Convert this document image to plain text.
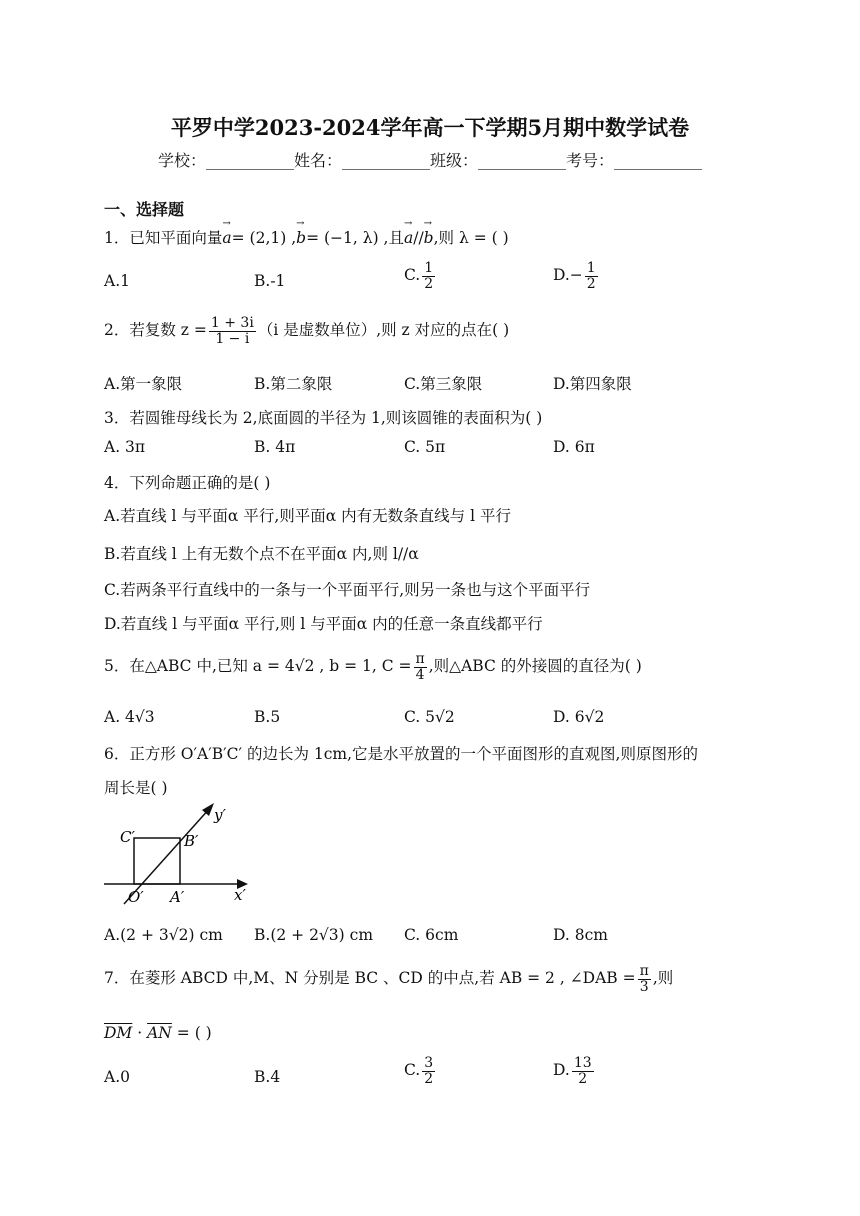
平罗中学2023-2024学年高一下学期5月期中数学试卷
学校：___________姓名：___________班级：___________考号：___________
一、选择题
1．已知平面向量→ a= (2,1) ,→ b= (−1, λ) ,且→ a//→ b,则 λ = ( )
A.1	B.-1	C. $\frac{1}{2}$	$D.- \frac{1}{2}$
2．若复数 $z = \frac{1 + 3i}{1 - i} (i$ 是虚数单位）,则 z 对应的点在( )
A.第一象限	B.第二象限	C.第三象限	D.第四象限
3．若圆锥母线长为 2,底面圆的半径为 1,则该圆锥的表面积为( )
A. 3π	B. 4π	C. 5π	D. 6π
4．下列命题正确的是( )
A.若直线 l 与平面α 平行,则平面α 内有无数条直线与 l 平行
B.若直线 l 上有无数个点不在平面α 内,则 l//α
C.若两条平行直线中的一条与一个平面平行,则另一条也与这个平面平行
D.若直线 l 与平面α 平行,则 l 与平面α 内的任意一条直线都平行
5．在△ABC 中,已知 a = 4√2 , b = 1, $C = \frac{\pi}{4}$ ,则△ABC 的外接圆的直径为( )
A. 4√3	B.5	C. 5√2	D. 6√2
6．正方形 O′A′B′C′ 的边长为 1cm,它是水平放置的一个平面图形的直观图,则原图形的
周长是( )
C′	B′
O′ A′	x′
y′
A.(2 + 3√2) cm B.(2 + 2√3) cm C. 6cm	D. 8cm
7．在菱形 ABCD 中,M、N 分别是 BC 、CD 的中点,若 AB = 2 , ∠DAB = $\frac{\pi}{3}$ ,则
$\overline{DM} \cdot \overline{AN}$ = ( )
A.0	B.4	C. $\frac{3}{2}$	D. $\frac{13}{2}$
